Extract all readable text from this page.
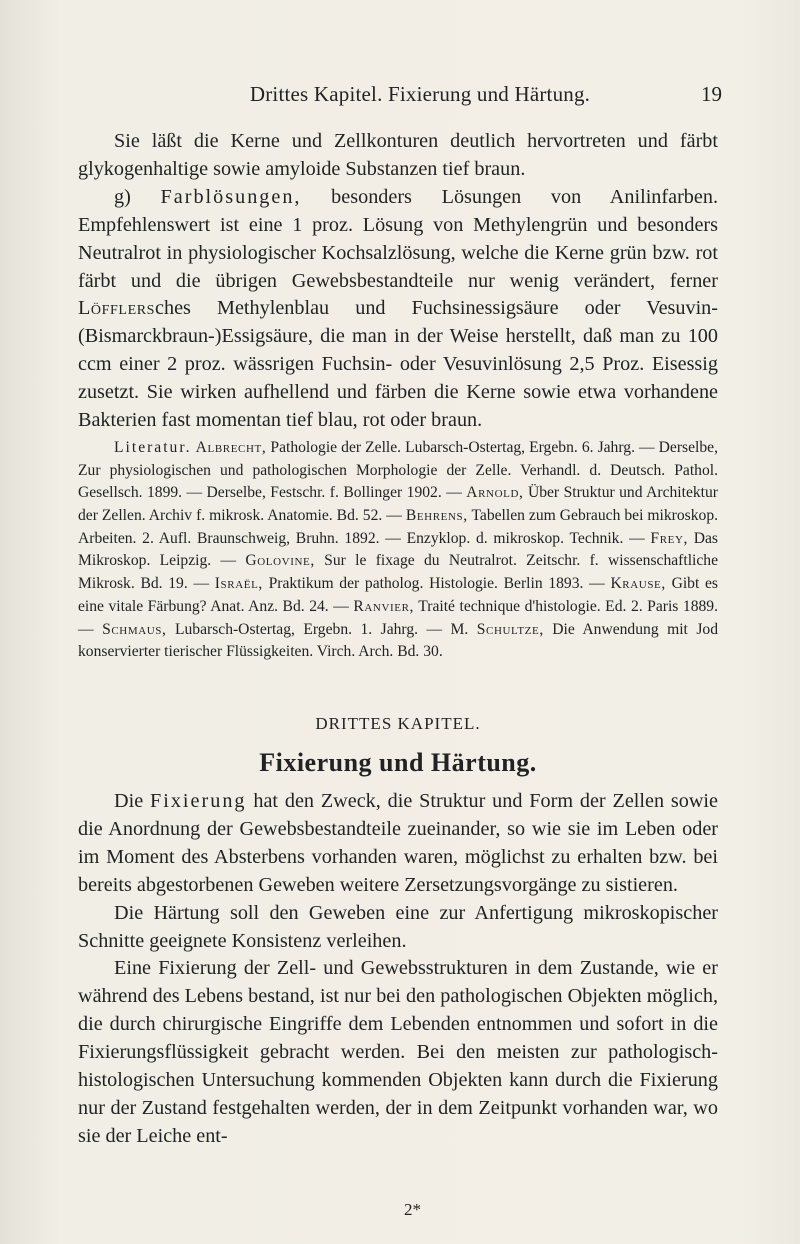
Drittes Kapitel. Fixierung und Härtung.	19

Sie läßt die Kerne und Zellkonturen deutlich hervortreten und färbt glykogenhaltige sowie amyloide Substanzen tief braun.

g) Farblösungen, besonders Lösungen von Anilinfarben. Empfehlenswert ist eine 1 proz. Lösung von Methylengrün und besonders Neutralrot in physiologischer Kochsalzlösung, welche die Kerne grün bzw. rot färbt und die übrigen Gewebsbestandteile nur wenig verändert, ferner Löfflersches Methylenblau und Fuchsinessigsäure oder Vesuvin-(Bismarckbraun-)Essigsäure, die man in der Weise herstellt, daß man zu 100 ccm einer 2 proz. wässrigen Fuchsin- oder Vesuvinlösung 2,5 Proz. Eisessig zusetzt. Sie wirken aufhellend und färben die Kerne sowie etwa vorhandene Bakterien fast momentan tief blau, rot oder braun.

Literatur. Albrecht, Pathologie der Zelle. Lubarsch-Ostertag, Ergebn. 6. Jahrg. — Derselbe, Zur physiologischen und pathologischen Morphologie der Zelle. Verhandl. d. Deutsch. Pathol. Gesellsch. 1899. — Derselbe, Festschr. f. Bollinger 1902. — Arnold, Über Struktur und Architektur der Zellen. Archiv f. mikrosk. Anatomie. Bd. 52. — Behrens, Tabellen zum Gebrauch bei mikroskop. Arbeiten. 2. Aufl. Braunschweig, Bruhn. 1892. — Enzyklop. d. mikroskop. Technik. — Frey, Das Mikroskop. Leipzig. — Golovine, Sur le fixage du Neutralrot. Zeitschr. f. wissenschaftliche Mikrosk. Bd. 19. — Israël, Praktikum der patholog. Histologie. Berlin 1893. — Krause, Gibt es eine vitale Färbung? Anat. Anz. Bd. 24. — Ranvier, Traité technique d'histologie. Ed. 2. Paris 1889. — Schmaus, Lubarsch-Ostertag, Ergebn. 1. Jahrg. — M. Schultze, Die Anwendung mit Jod konservierter tierischer Flüssigkeiten. Virch. Arch. Bd. 30.

DRITTES KAPITEL.
Fixierung und Härtung.

Die Fixierung hat den Zweck, die Struktur und Form der Zellen sowie die Anordnung der Gewebsbestandteile zueinander, so wie sie im Leben oder im Moment des Absterbens vorhanden waren, möglichst zu erhalten bzw. bei bereits abgestorbenen Geweben weitere Zersetzungsvorgänge zu sistieren.

Die Härtung soll den Geweben eine zur Anfertigung mikroskopischer Schnitte geeignete Konsistenz verleihen.

Eine Fixierung der Zell- und Gewebsstrukturen in dem Zustande, wie er während des Lebens bestand, ist nur bei den pathologischen Objekten möglich, die durch chirurgische Eingriffe dem Lebenden entnommen und sofort in die Fixierungsflüssigkeit gebracht werden. Bei den meisten zur pathologisch-histologischen Untersuchung kommenden Objekten kann durch die Fixierung nur der Zustand festgehalten werden, der in dem Zeitpunkt vorhanden war, wo sie der Leiche ent-

2*
